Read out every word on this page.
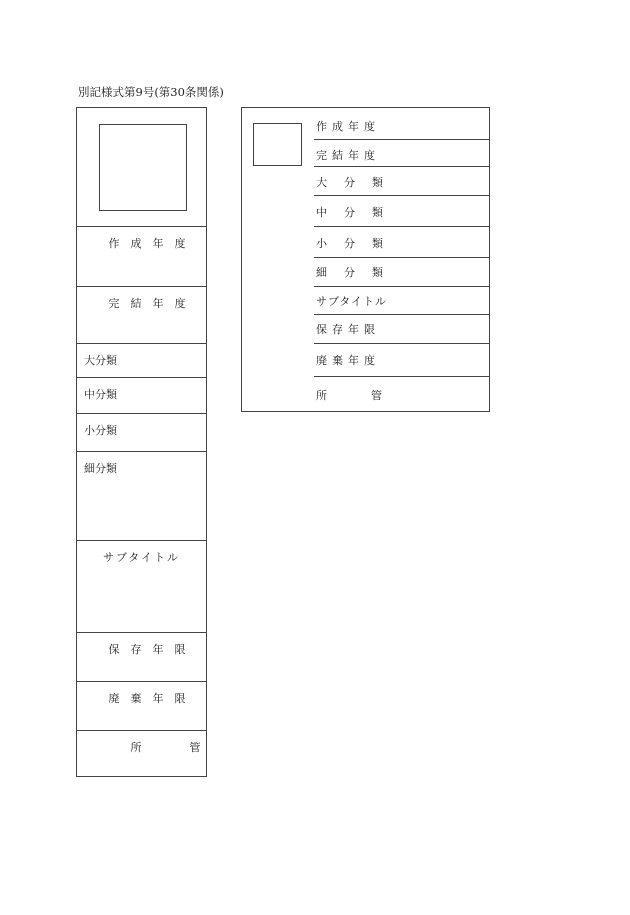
別記様式第9号(第30条関係)
作成年度
完結年度
大分類
中分類
小分類
細分類
サブタイトル
保存年限
廃棄年限
所管
作成年度
完結年度
大分類
中分類
小分類
細分類
サブタイトル
保存年限
廃棄年度
所管
